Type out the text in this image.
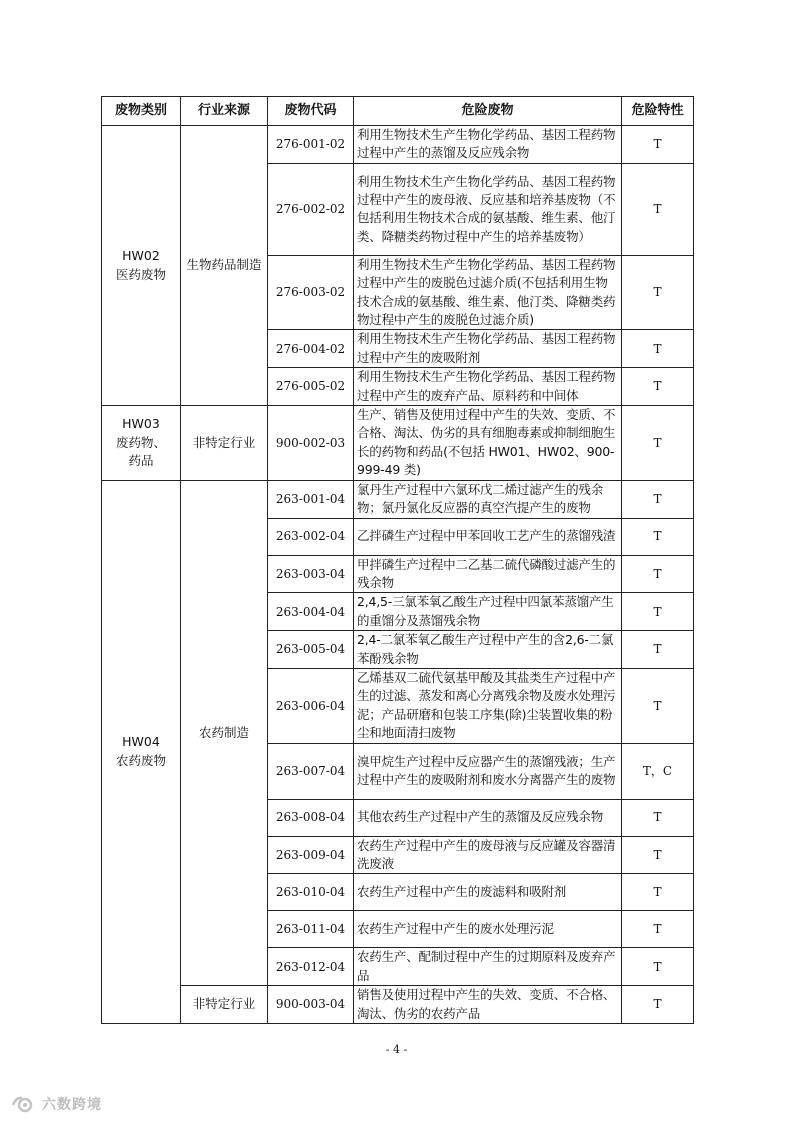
废物类别	行业来源	废物代码	危险废物	危险特性
HW02
医药废物	生物药品制造	276-001-02	利用生物技术生产生物化学药品、基因工程药物过程中产生的蒸馏及反应残余物	T
		276-002-02	利用生物技术生产生物化学药品、基因工程药物过程中产生的废母液、反应基和培养基废物（不包括利用生物技术合成的氨基酸、维生素、他汀类、降糖类药物过程中产生的培养基废物）	T
		276-003-02	利用生物技术生产生物化学药品、基因工程药物过程中产生的废脱色过滤介质(不包括利用生物技术合成的氨基酸、维生素、他汀类、降糖类药物过程中产生的废脱色过滤介质)	T
		276-004-02	利用生物技术生产生物化学药品、基因工程药物过程中产生的废吸附剂	T
		276-005-02	利用生物技术生产生物化学药品、基因工程药物过程中产生的废弃产品、原料药和中间体	T
HW03
废药物、
药品	非特定行业	900-002-03	生产、销售及使用过程中产生的失效、变质、不合格、淘汰、伪劣的具有细胞毒素或抑制细胞生长的药物和药品(不包括 HW01、HW02、900-999-49 类)	T
HW04
农药废物	农药制造	263-001-04	氯丹生产过程中六氯环戊二烯过滤产生的残余物；氯丹氯化反应器的真空汽提产生的废物	T
		263-002-04	乙拌磷生产过程中甲苯回收工艺产生的蒸馏残渣	T
		263-003-04	甲拌磷生产过程中二乙基二硫代磷酸过滤产生的残余物	T
		263-004-04	2,4,5-三氯苯氧乙酸生产过程中四氯苯蒸馏产生的重馏分及蒸馏残余物	T
		263-005-04	2,4-二氯苯氧乙酸生产过程中产生的含2,6-二氯苯酚残余物	T
		263-006-04	乙烯基双二硫代氨基甲酸及其盐类生产过程中产生的过滤、蒸发和离心分离残余物及废水处理污泥；产品研磨和包装工序集(除)尘装置收集的粉尘和地面清扫废物	T
		263-007-04	溴甲烷生产过程中反应器产生的蒸馏残液；生产过程中产生的废吸附剂和废水分离器产生的废物	T，C
		263-008-04	其他农药生产过程中产生的蒸馏及反应残余物	T
		263-009-04	农药生产过程中产生的废母液与反应罐及容器清洗废液	T
		263-010-04	农药生产过程中产生的废滤料和吸附剂	T
		263-011-04	农药生产过程中产生的废水处理污泥	T
		263-012-04	农药生产、配制过程中产生的过期原料及废弃产品	T
	非特定行业	900-003-04	销售及使用过程中产生的失效、变质、不合格、淘汰、伪劣的农药产品	T
- 4 -
六数跨境
